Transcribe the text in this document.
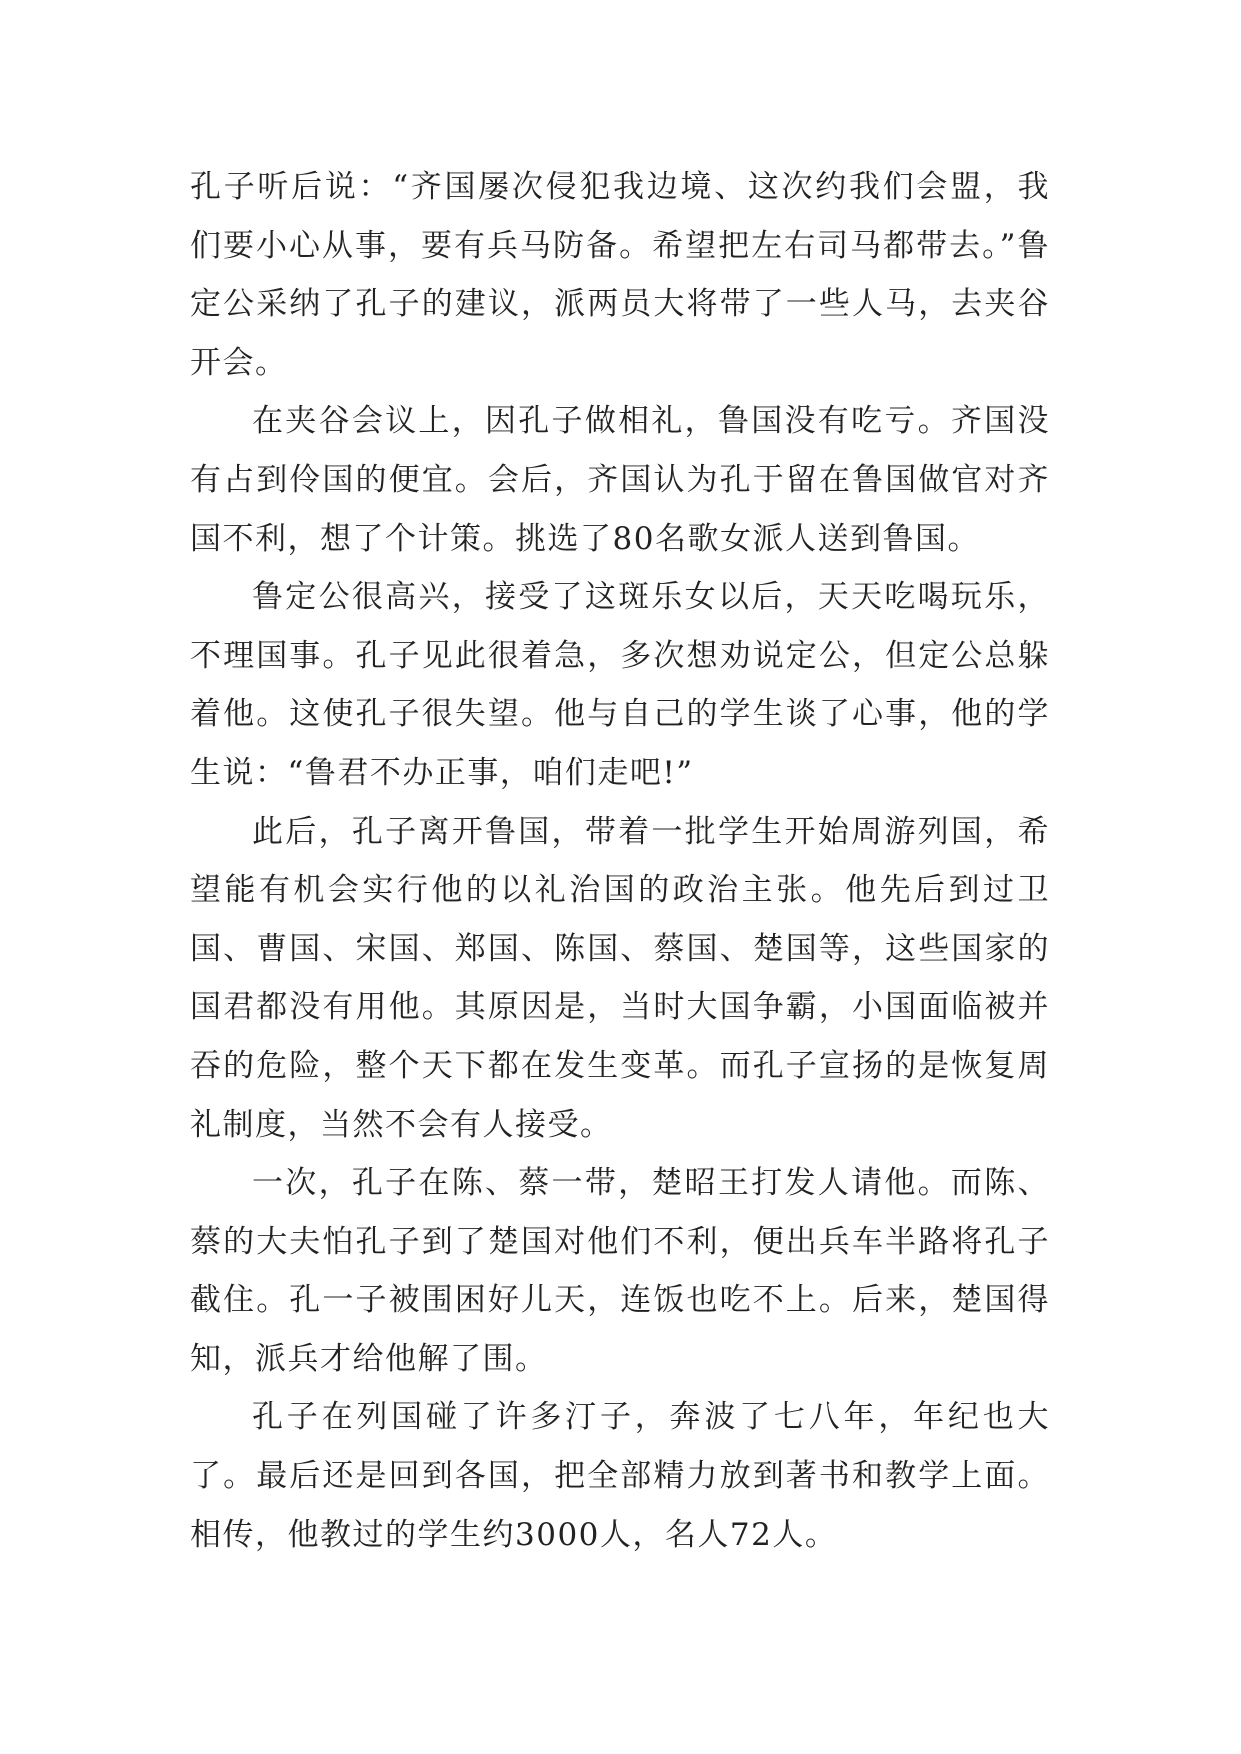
孔子听后说：“齐国屡次侵犯我边境、这次约我们会盟，我们要小心从事，要有兵马防备。希望把左右司马都带去。”鲁定公采纳了孔子的建议，派两员大将带了一些人马，去夹谷开会。

在夹谷会议上，因孔子做相礼，鲁国没有吃亏。齐国没有占到伶国的便宜。会后，齐国认为孔于留在鲁国做官对齐国不利，想了个计策。挑选了80名歌女派人送到鲁国。

鲁定公很高兴，接受了这斑乐女以后，天天吃喝玩乐，不理国事。孔子见此很着急，多次想劝说定公，但定公总躲着他。这使孔子很失望。他与自己的学生谈了心事，他的学生说：“鲁君不办正事，咱们走吧!”

此后，孔子离开鲁国，带着一批学生开始周游列国，希望能有机会实行他的以礼治国的政治主张。他先后到过卫国、曹国、宋国、郑国、陈国、蔡国、楚国等，这些国家的国君都没有用他。其原因是，当时大国争霸，小国面临被并吞的危险，整个天下都在发生变革。而孔子宣扬的是恢复周礼制度，当然不会有人接受。

一次，孔子在陈、蔡一带，楚昭王打发人请他。而陈、蔡的大夫怕孔子到了楚国对他们不利，便出兵车半路将孔子截住。孔一子被围困好儿天，连饭也吃不上。后来，楚国得知，派兵才给他解了围。

孔子在列国碰了许多汀子，奔波了七八年，年纪也大了。最后还是回到各国，把全部精力放到著书和教学上面。相传，他教过的学生约3000人，名人72人。
